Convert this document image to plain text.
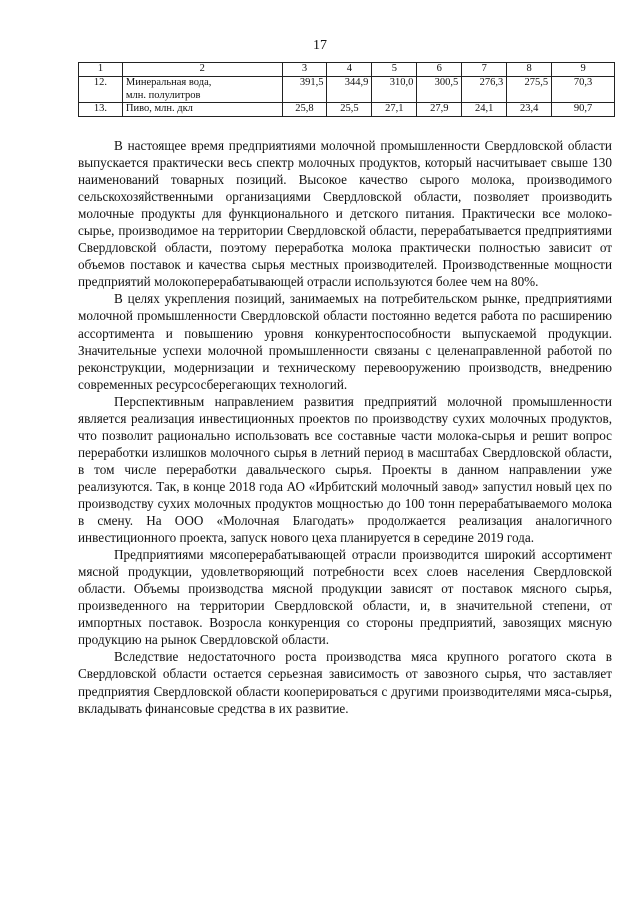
17
1	2	3	4	5	6	7	8	9
12.	Минеральная вода,
млн. полулитров	391,5	344,9	310,0	300,5	276,3	275,5	70,3
13.	Пиво, млн. дкл	25,8	25,5	27,1	27,9	24,1	23,4	90,7

В настоящее время предприятиями молочной промышленности Свердловской области выпускается практически весь спектр молочных продуктов, который насчитывает свыше 130 наименований товарных позиций. Высокое качество сырого молока, производимого сельскохозяйственными организациями Свердловской области, позволяет производить молочные продукты для функционального и детского питания. Практически все молоко-сырье, производимое на территории Свердловской области, перерабатывается предприятиями Свердловской области, поэтому переработка молока практически полностью зависит от объемов поставок и качества сырья местных производителей. Производственные мощности предприятий молокоперерабатывающей отрасли используются более чем на 80%.

В целях укрепления позиций, занимаемых на потребительском рынке, предприятиями молочной промышленности Свердловской области постоянно ведется работа по расширению ассортимента и повышению уровня конкурентоспособности выпускаемой продукции. Значительные успехи молочной промышленности связаны с целенаправленной работой по реконструкции, модернизации и техническому перевооружению производств, внедрению современных ресурсосберегающих технологий.

Перспективным направлением развития предприятий молочной промышленности является реализация инвестиционных проектов по производству сухих молочных продуктов, что позволит рационально использовать все составные части молока-сырья и решит вопрос переработки излишков молочного сырья в летний период в масштабах Свердловской области, в том числе переработки давальческого сырья. Проекты в данном направлении уже реализуются. Так, в конце 2018 года АО «Ирбитский молочный завод» запустил новый цех по производству сухих молочных продуктов мощностью до 100 тонн перерабатываемого молока в смену. На ООО «Молочная Благодать» продолжается реализация аналогичного инвестиционного проекта, запуск нового цеха планируется в середине 2019 года.

Предприятиями мясоперерабатывающей отрасли производится широкий ассортимент мясной продукции, удовлетворяющий потребности всех слоев населения Свердловской области. Объемы производства мясной продукции зависят от поставок мясного сырья, произведенного на территории Свердловской области, и, в значительной степени, от импортных поставок. Возросла конкуренция со стороны предприятий, завозящих мясную продукцию на рынок Свердловской области.

Вследствие недостаточного роста производства мяса крупного рогатого скота в Свердловской области остается серьезная зависимость от завозного сырья, что заставляет предприятия Свердловской области кооперироваться с другими производителями мяса-сырья, вкладывать финансовые средства в их развитие.
